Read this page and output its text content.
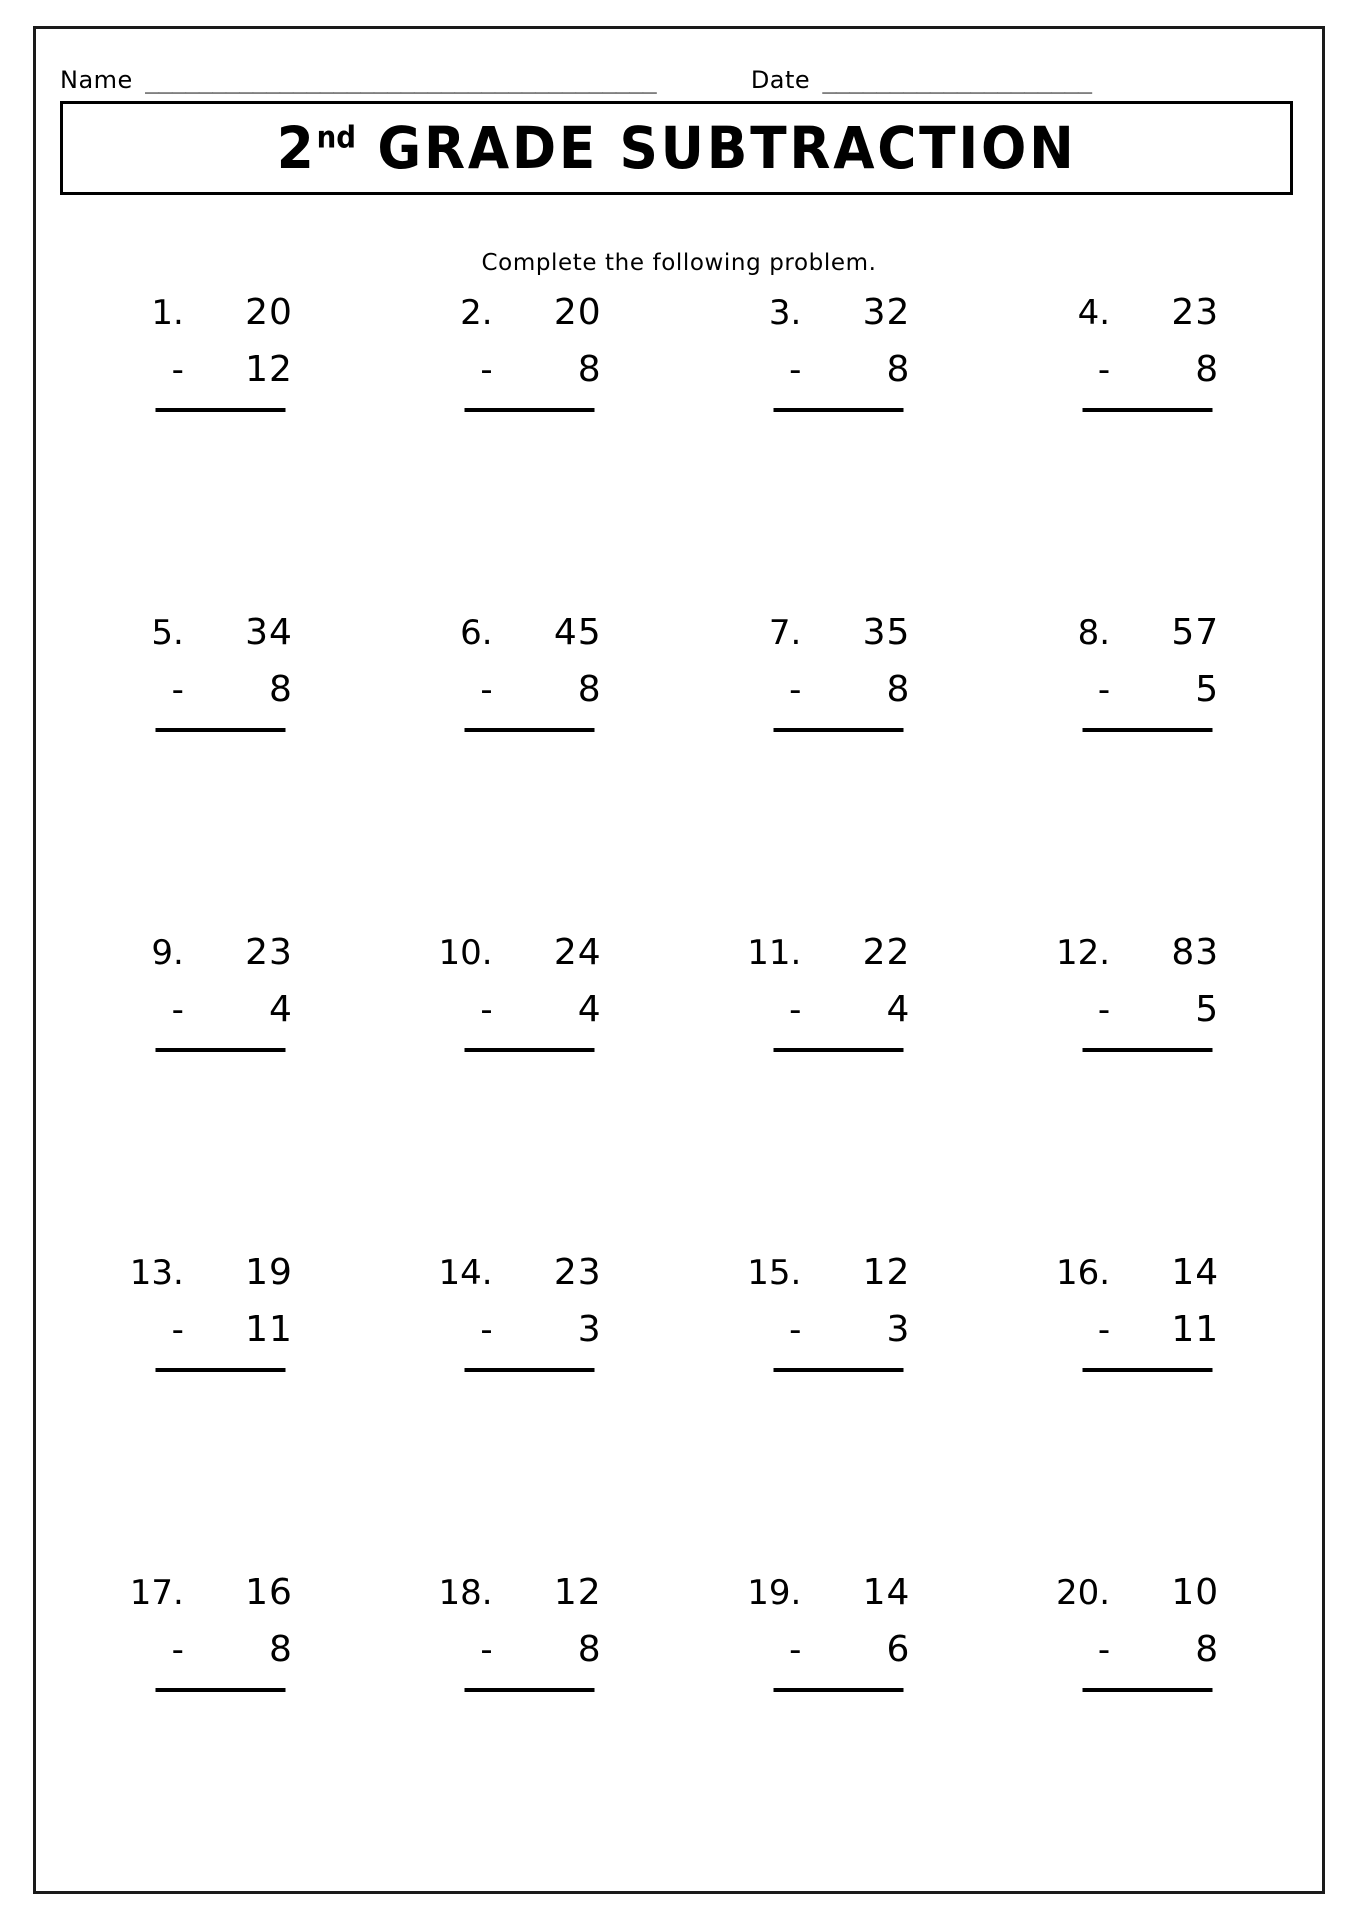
Name ______________________________________	Date ____________________
2nd GRADE SUBTRACTION
Complete the following problem.
1.	20
-	12
2.	20
-	8
3.	32
-	8
4.	23
-	8
5.	34
-	8
6.	45
-	8
7.	35
-	8
8.	57
-	5
9.	23
-	4
10.	24
-	4
11.	22
-	4
12.	83
-	5
13.	19
-	11
14.	23
-	3
15.	12
-	3
16.	14
-	11
17.	16
-	8
18.	12
-	8
19.	14
-	6
20.	10
-	8
